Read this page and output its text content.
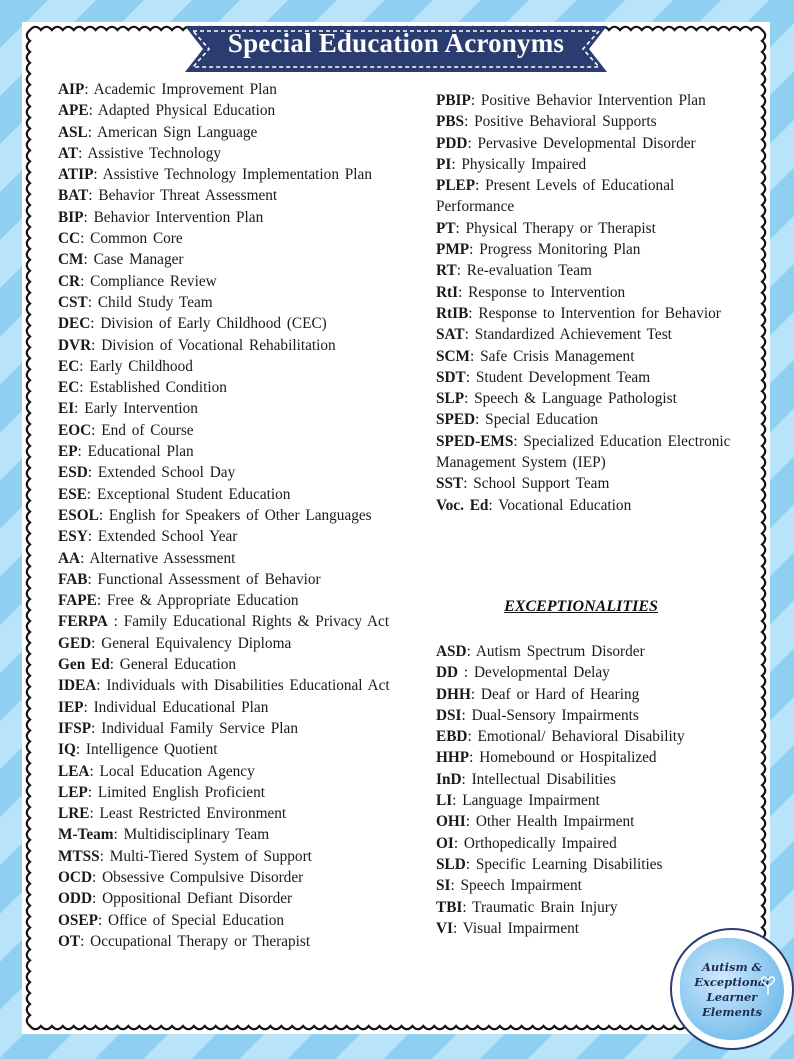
Special Education Acronyms
AIP: Academic Improvement Plan
APE: Adapted Physical Education
ASL: American Sign Language
AT: Assistive Technology
ATIP: Assistive Technology Implementation Plan
BAT: Behavior Threat Assessment
BIP: Behavior Intervention Plan
CC: Common Core
CM: Case Manager
CR: Compliance Review
CST: Child Study Team
DEC: Division of Early Childhood (CEC)
DVR: Division of Vocational Rehabilitation
EC: Early Childhood
EC: Established Condition
EI: Early Intervention
EOC: End of Course
EP: Educational Plan
ESD: Extended School Day
ESE: Exceptional Student Education
ESOL: English for Speakers of Other Languages
ESY: Extended School Year
AA: Alternative Assessment
FAB: Functional Assessment of Behavior
FAPE: Free & Appropriate Education
FERPA : Family Educational Rights & Privacy Act
GED: General Equivalency Diploma
Gen Ed: General Education
IDEA: Individuals with Disabilities Educational Act
IEP: Individual Educational Plan
IFSP: Individual Family Service Plan
IQ: Intelligence Quotient
LEA: Local Education Agency
LEP: Limited English Proficient
LRE: Least Restricted Environment
M-Team: Multidisciplinary Team
MTSS: Multi-Tiered System of Support
OCD: Obsessive Compulsive Disorder
ODD: Oppositional Defiant Disorder
OSEP: Office of Special Education
OT: Occupational Therapy or Therapist
PBIP: Positive Behavior Intervention Plan
PBS: Positive Behavioral Supports
PDD: Pervasive Developmental Disorder
PI: Physically Impaired
PLEP: Present Levels of Educational Performance
PT: Physical Therapy or Therapist
PMP: Progress Monitoring Plan
RT: Re-evaluation Team
RtI: Response to Intervention
RtIB: Response to Intervention for Behavior
SAT: Standardized Achievement Test
SCM: Safe Crisis Management
SDT: Student Development Team
SLP: Speech & Language Pathologist
SPED: Special Education
SPED-EMS: Specialized Education Electronic Management System (IEP)
SST: School Support Team
Voc. Ed: Vocational Education
EXCEPTIONALITIES
ASD: Autism Spectrum Disorder
DD : Developmental Delay
DHH: Deaf or Hard of Hearing
DSI: Dual-Sensory Impairments
EBD: Emotional/ Behavioral Disability
HHP: Homebound or Hospitalized
InD: Intellectual Disabilities
LI: Language Impairment
OHI: Other Health Impairment
OI: Orthopedically Impaired
SLD: Specific Learning Disabilities
SI: Speech Impairment
TBI: Traumatic Brain Injury
VI: Visual Impairment
Autism &
Exceptional
Learner
Elements
